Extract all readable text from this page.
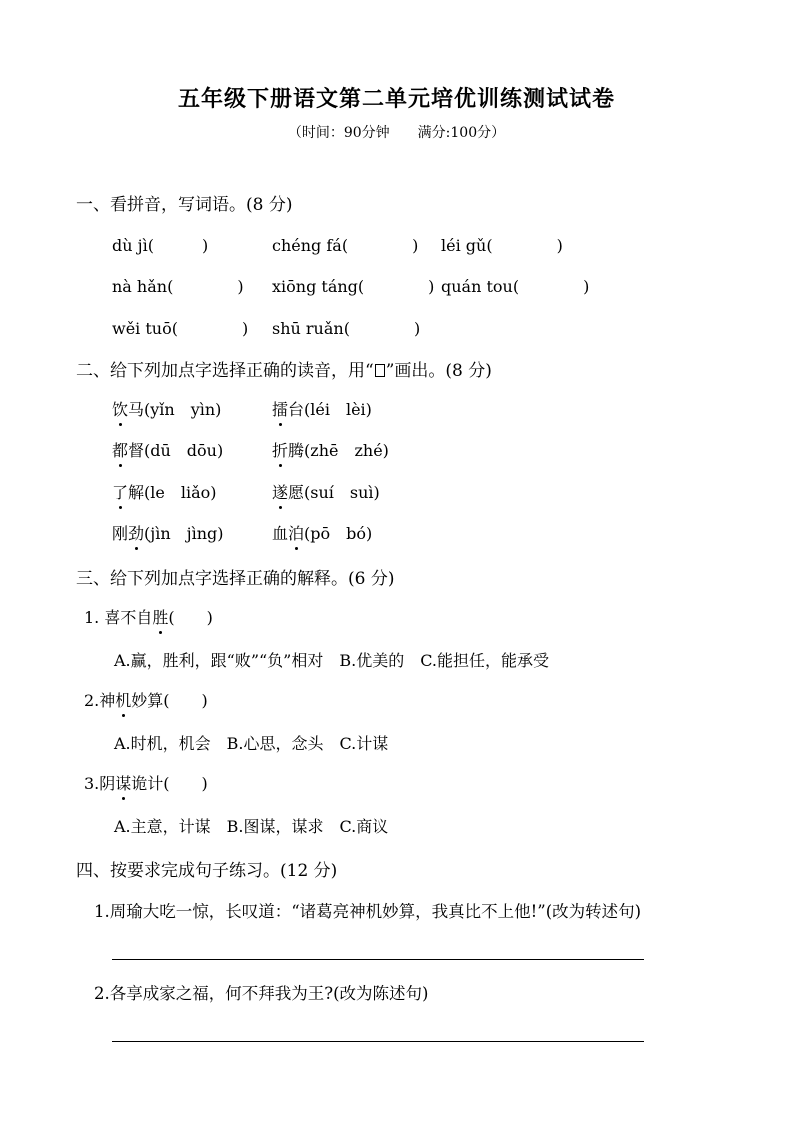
五年级下册语文第二单元培优训练测试试卷
（时间：90分钟　　满分:100分）
一、看拼音，写词语。(8 分)
dù jì(　　　)	chéng fá(　　　　) léi gǔ(　　　　)
nà hǎn(　　　　) xiōng táng(　　　　) quán tou(　　　　)
wěi tuō(　　　　) shū ruǎn(　　　　)
二、给下列加点字选择正确的读音，用“ ”画出。(8 分)
饮马(yǐn　yìn)	擂台(léi　lèi)
都督(dū　dōu)	折腾(zhē　zhé)
了解(le　liǎo)	遂愿(suí　suì)
刚劲(jìn　jìng)	血泊(pō　bó)
三、给下列加点字选择正确的解释。(6 分)
1. 喜不自胜(　　)
A.赢，胜利，跟“败”“负”相对　B.优美的　C.能担任，能承受
2.神机妙算(　　)
A.时机，机会　B.心思，念头　C.计谋
3.阴谋诡计(　　)
A.主意，计谋　B.图谋，谋求　C.商议
四、按要求完成句子练习。(12 分)
1.周瑜大吃一惊，长叹道：“诸葛亮神机妙算，我真比不上他!”(改为转述句)
2.各享成家之福，何不拜我为王?(改为陈述句)
